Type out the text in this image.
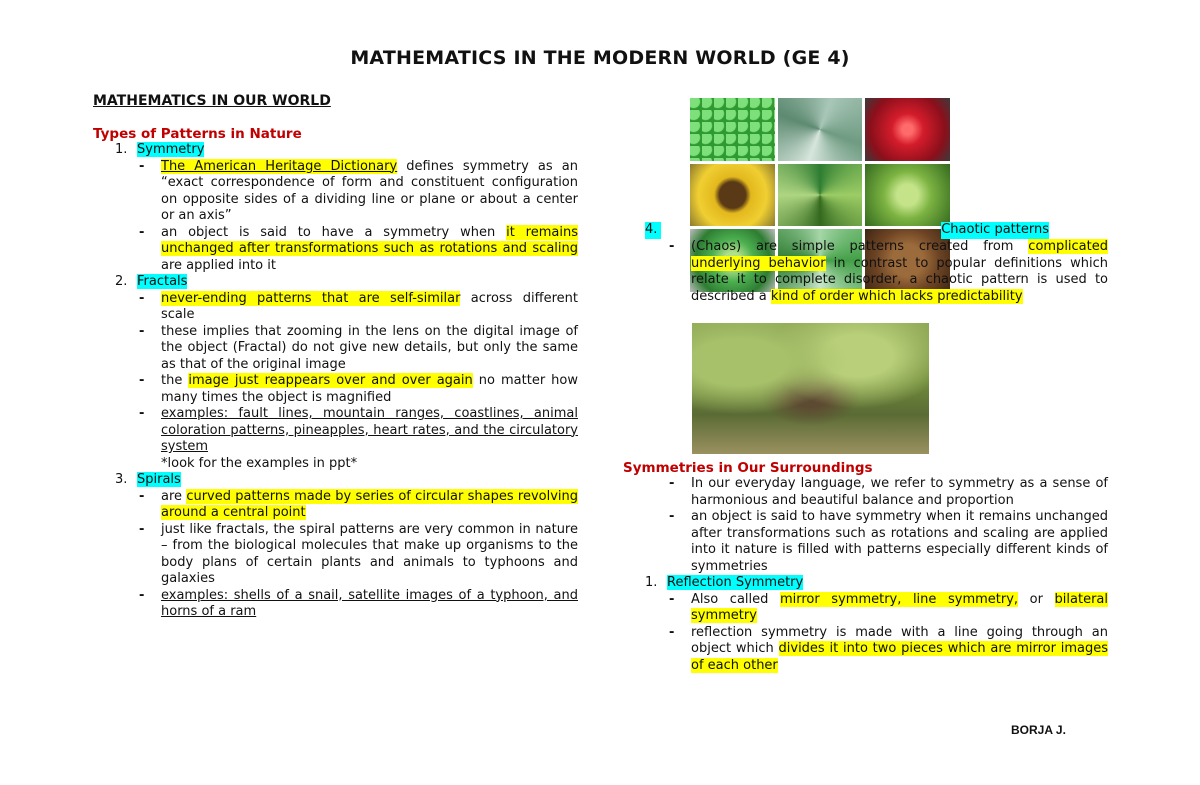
MATHEMATICS IN THE MODERN WORLD (GE 4)
MATHEMATICS IN OUR WORLD
Types of Patterns in Nature
1. Symmetry
- The American Heritage Dictionary defines symmetry as an “exact correspondence of form and constituent configuration on opposite sides of a dividing line or plane or about a center or an axis”
- an object is said to have a symmetry when it remains unchanged after transformations such as rotations and scaling are applied into it
2. Fractals
- never-ending patterns that are self-similar across different scale
- these implies that zooming in the lens on the digital image of the object (Fractal) do not give new details, but only the same as that of the original image
- the image just reappears over and over again no matter how many times the object is magnified
- examples: fault lines, mountain ranges, coastlines, animal coloration patterns, pineapples, heart rates, and the circulatory system
*look for the examples in ppt*
3. Spirals
- are curved patterns made by series of circular shapes revolving around a central point
- just like fractals, the spiral patterns are very common in nature – from the biological molecules that make up organisms to the body plans of certain plants and animals to typhoons and galaxies
- examples: shells of a snail, satellite images of a typhoon, and horns of a ram
4.	Chaotic patterns
- (Chaos) are simple patterns created from complicated underlying behavior in contrast to popular definitions which relate it to complete disorder, a chaotic pattern is used to described a kind of order which lacks predictability
Symmetries in Our Surroundings
- In our everyday language, we refer to symmetry as a sense of harmonious and beautiful balance and proportion
- an object is said to have symmetry when it remains unchanged after transformations such as rotations and scaling are applied into it nature is filled with patterns especially different kinds of symmetries
1. Reflection Symmetry
- Also called mirror symmetry, line symmetry, or bilateral symmetry
- reflection symmetry is made with a line going through an object which divides it into two pieces which are mirror images of each other
BORJA J.
